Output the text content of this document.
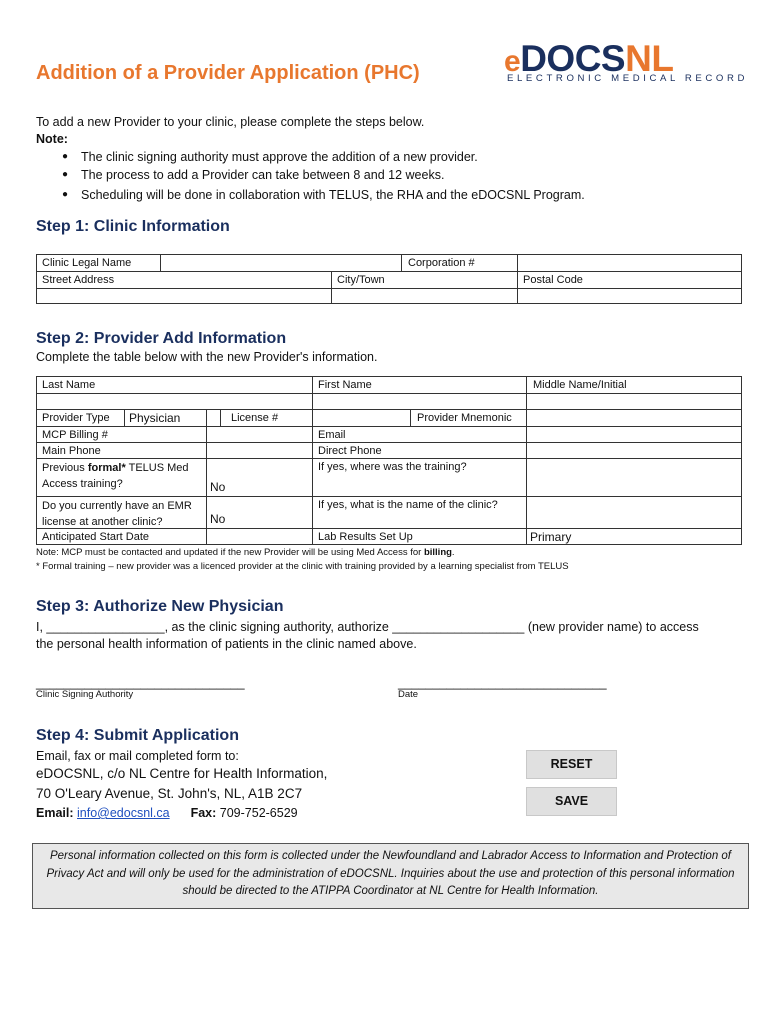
Addition of a Provider Application (PHC)	eDOCSNL
ELECTRONIC MEDICAL RECORD
To add a new Provider to your clinic, please complete the steps below.
Note:
● The clinic signing authority must approve the addition of a new provider.
● The process to add a Provider can take between 8 and 12 weeks.
● Scheduling will be done in collaboration with TELUS, the RHA and the eDOCSNL Program.
Step 1: Clinic Information
Clinic Legal Name	Corporation #
Street Address	City/Town	Postal Code
Step 2: Provider Add Information
Complete the table below with the new Provider's information.
Last Name	First Name	Middle Name/Initial
Provider Type	Physician	License #	Provider Mnemonic
MCP Billing #	Email
Main Phone	Direct Phone
Previous formal* TELUS Med
Access training?	No
If yes, where was the training?
Do you currently have an EMR
license at another clinic?	No
If yes, what is the name of the clinic?
Anticipated Start Date	Lab Results Set Up	Primary
Note: MCP must be contacted and updated if the new Provider will be using Med Access for billing.
* Formal training – new provider was a licenced provider at the clinic with training provided by a learning specialist from TELUS
Step 3: Authorize New Physician
I, _________________, as the clinic signing authority, authorize ___________________ (new provider name) to access
the personal health information of patients in the clinic named above.
______________________________
Clinic Signing Authority
______________________________
Date
Step 4: Submit Application
Email, fax or mail completed form to:
eDOCSNL, c/o NL Centre for Health Information,
70 O'Leary Avenue, St. John's, NL, A1B 2C7
Email: info@edocsnl.ca Fax: 709-752-6529
RESET
SAVE
Personal information collected on this form is collected under the Newfoundland and Labrador Access to Information and Protection of Privacy Act and will only be used for the administration of eDOCSNL. Inquiries about the use and protection of this personal information should be directed to the ATIPPA Coordinator at NL Centre for Health Information.
